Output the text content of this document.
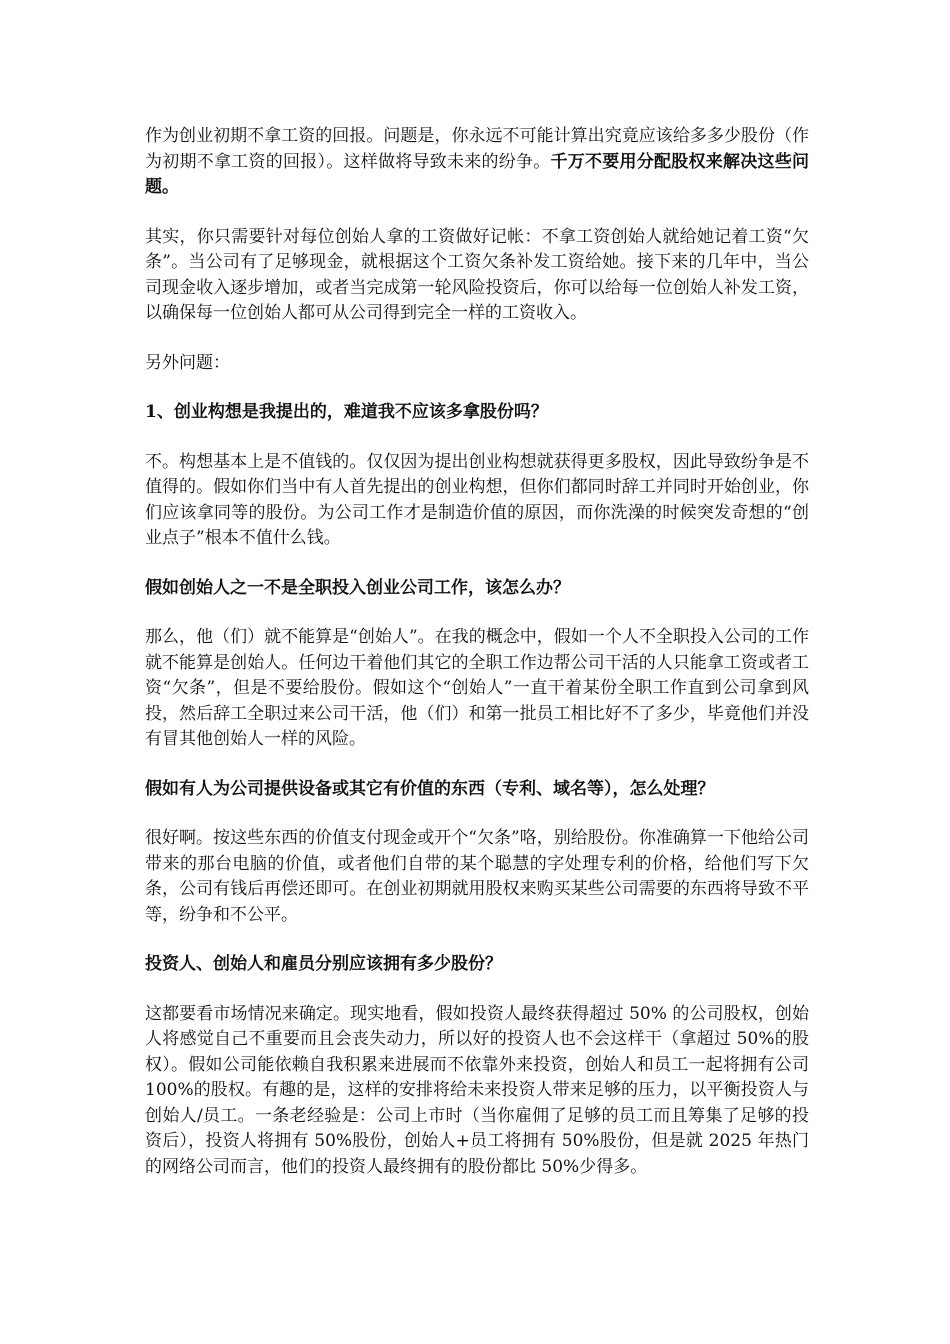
作为创业初期不拿工资的回报。问题是，你永远不可能计算出究竟应该给多多少股份（作为初期不拿工资的回报）。这样做将导致未来的纷争。千万不要用分配股权来解决这些问题。

其实，你只需要针对每位创始人拿的工资做好记帐：不拿工资创始人就给她记着工资“欠条”。当公司有了足够现金，就根据这个工资欠条补发工资给她。接下来的几年中，当公司现金收入逐步增加，或者当完成第一轮风险投资后，你可以给每一位创始人补发工资，以确保每一位创始人都可从公司得到完全一样的工资收入。

另外问题：

1、创业构想是我提出的，难道我不应该多拿股份吗？

不。构想基本上是不值钱的。仅仅因为提出创业构想就获得更多股权，因此导致纷争是不值得的。假如你们当中有人首先提出的创业构想，但你们都同时辞工并同时开始创业，你们应该拿同等的股份。为公司工作才是制造价值的原因，而你洗澡的时候突发奇想的“创业点子”根本不值什么钱。

假如创始人之一不是全职投入创业公司工作，该怎么办？

那么，他（们）就不能算是“创始人”。在我的概念中，假如一个人不全职投入公司的工作就不能算是创始人。任何边干着他们其它的全职工作边帮公司干活的人只能拿工资或者工资“欠条”，但是不要给股份。假如这个“创始人”一直干着某份全职工作直到公司拿到风投，然后辞工全职过来公司干活，他（们）和第一批员工相比好不了多少，毕竟他们并没有冒其他创始人一样的风险。

假如有人为公司提供设备或其它有价值的东西（专利、域名等），怎么处理？

很好啊。按这些东西的价值支付现金或开个“欠条”咯，别给股份。你准确算一下他给公司带来的那台电脑的价值，或者他们自带的某个聪慧的字处理专利的价格，给他们写下欠条，公司有钱后再偿还即可。在创业初期就用股权来购买某些公司需要的东西将导致不平等，纷争和不公平。

投资人、创始人和雇员分别应该拥有多少股份？

这都要看市场情况来确定。现实地看，假如投资人最终获得超过 50% 的公司股权，创始人将感觉自己不重要而且会丧失动力，所以好的投资人也不会这样干（拿超过 50%的股权）。假如公司能依赖自我积累来进展而不依靠外来投资，创始人和员工一起将拥有公司 100%的股权。有趣的是，这样的安排将给未来投资人带来足够的压力，以平衡投资人与创始人/员工。一条老经验是：公司上市时（当你雇佣了足够的员工而且筹集了足够的投资后），投资人将拥有 50%股份，创始人+员工将拥有 50%股份，但是就 2025 年热门的网络公司而言，他们的投资人最终拥有的股份都比 50%少得多。
